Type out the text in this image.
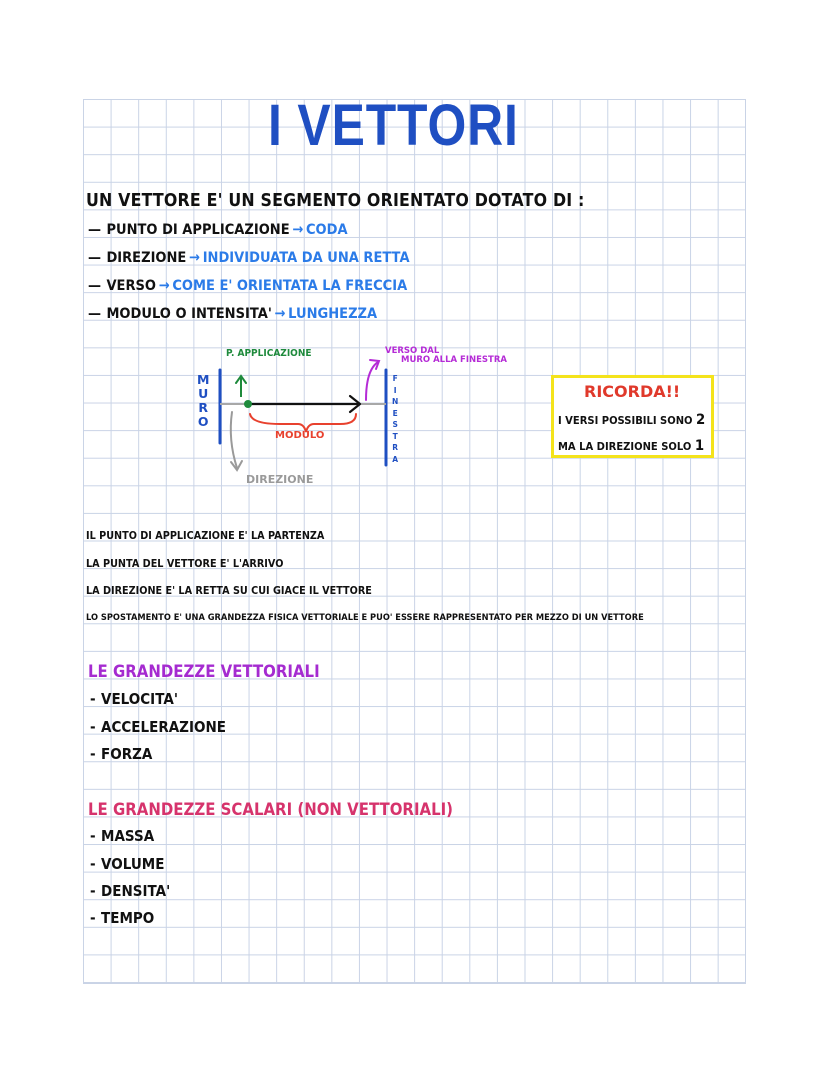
I VETTORI
UN VETTORE E' UN SEGMENTO ORIENTATO DOTATO DI :
— PUNTO DI APPLICAZIONE → CODA
— DIREZIONE → INDIVIDUATA DA UNA RETTA
— VERSO → COME E' ORIENTATA LA FRECCIA
— MODULO O INTENSITA' → LUNGHEZZA
P. APPLICAZIONE	VERSO DAL
MURO ALLA FINESTRA
MODULO
DIREZIONE
M
U
R
O
F
I
N
E
S
T
R
A
RICORDA!!
I VERSI POSSIBILI SONO 2
MA LA DIREZIONE SOLO 1
IL PUNTO DI APPLICAZIONE E' LA PARTENZA
LA PUNTA DEL VETTORE E' L'ARRIVO
LA DIREZIONE E' LA RETTA SU CUI GIACE IL VETTORE
LO SPOSTAMENTO E' UNA GRANDEZZA FISICA VETTORIALE E PUO' ESSERE RAPPRESENTATO PER MEZZO DI UN VETTORE
LE GRANDEZZE VETTORIALI
- VELOCITA'
- ACCELERAZIONE
- FORZA
LE GRANDEZZE SCALARI (NON VETTORIALI)
- MASSA
- VOLUME
- DENSITA'
- TEMPO
